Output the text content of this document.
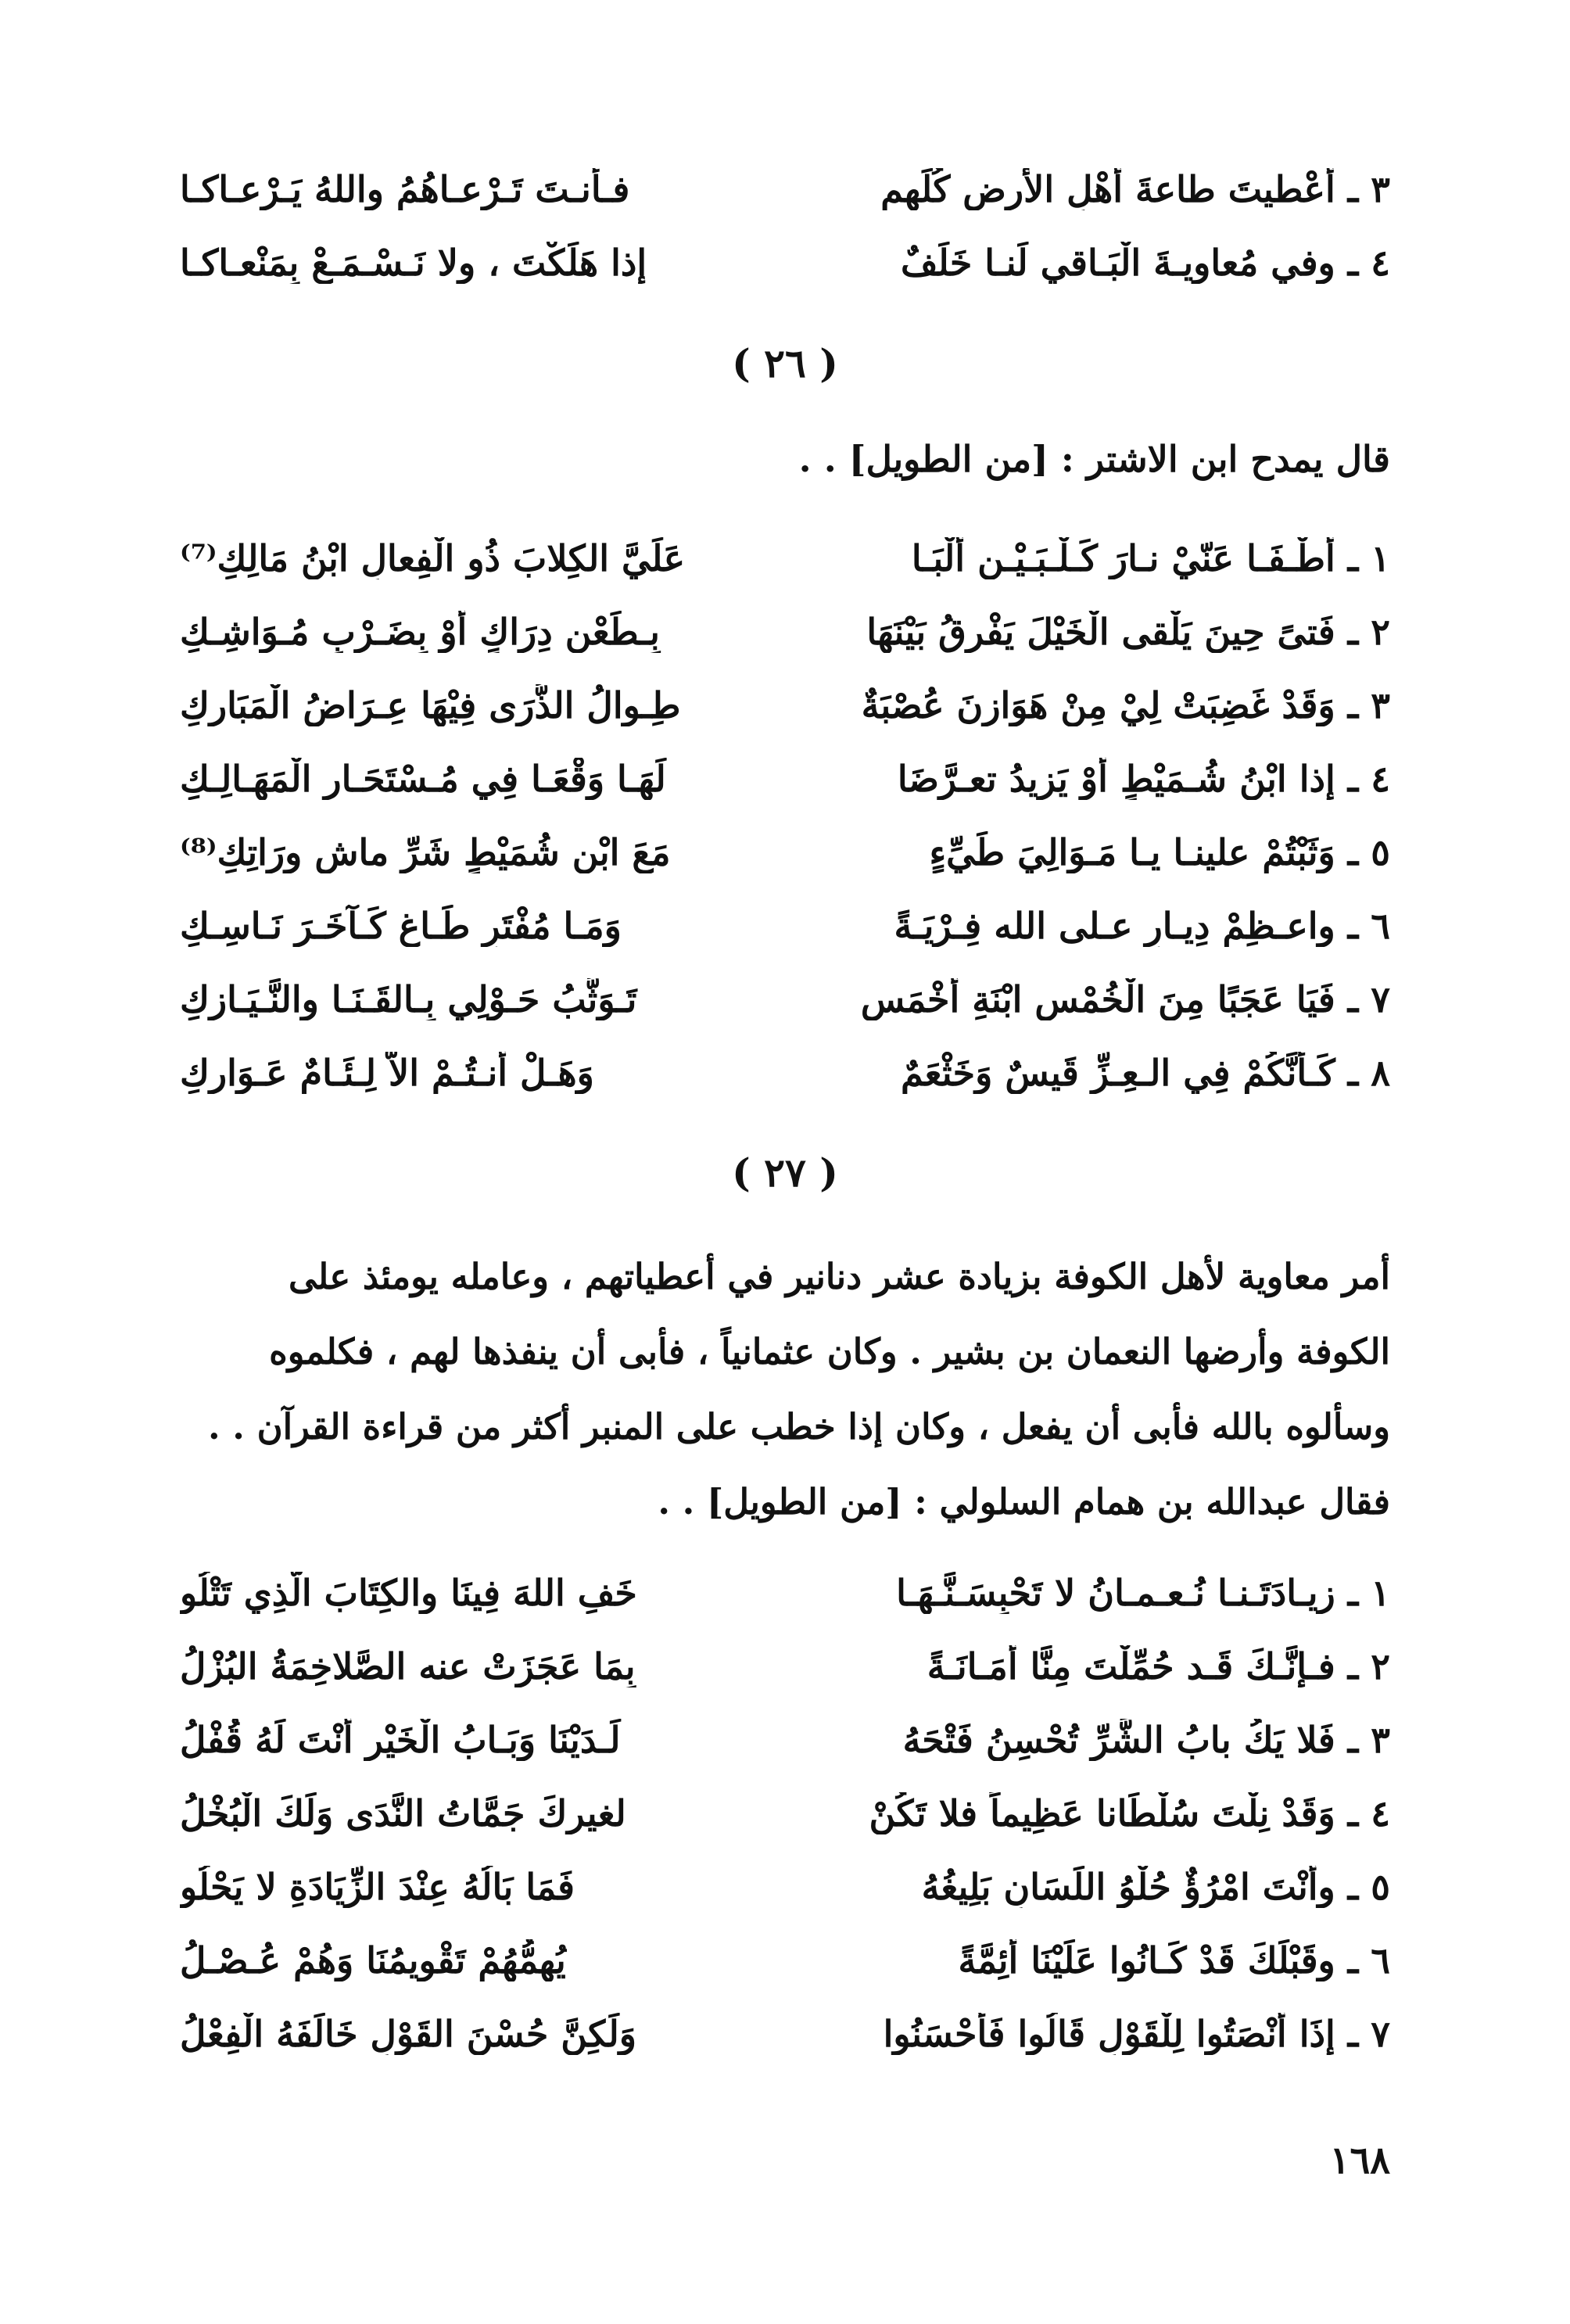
٣ ـ أُعْطيتَ طاعةَ أَهْلِ الأرضِ كُلِّهِم
فـأنـتَ تَـرْعـاهُمُ واللهُ يَـرْعـاكـا
٤ ـ وفي مُعاويـةَ الْبَـاقي لَنـا خَلَفٌ
إذا هَلَكْتَ ، ولا نَـسْـمَـعْ بِمَنْعـاكـا
( ٢٦ )
قال يمدح ابن الاشتر : [من الطويل] . .
١ ـ أَطْـفَـا عَنّيْ نـارَ كَـلْـبَـيْـنِ أَلْبَـا
عَلَيَّ الكِلابَ ذُو الْفِعالِ ابْنُ مَالِكِ⁽⁷⁾
٢ ـ فَتىً حِينَ يَلْقى الْخَيْلَ يَفْرِقُ بَيْنَهَا
بِـطَعْنٍ دِرَاكٍ أَوْ بِضَـرْبٍ مُـوَاشِـكِ
٣ ـ وَقَدْ غَضِبَتْ لِيْ مِنْ هَوَازِنَ عُصْبَةٌ
طِـوالُ الذُّرَى فِيْهَا عِـرَاضُ الْمَبَارِكِ
٤ ـ إذا ابْنُ شُـمَيْطٍ أَوْ يَزِيدُ تعـرَّضَا
لَهَـا وَقْعَـا فِي مُـسْتَحَـارِ الْمَهَـالِـكِ
٥ ـ وَثَبْتُمْ علينـا يـا مَـوَالِيَ طَيِّءٍ
مَعَ ابْنِ شُمَيْطٍ شَرِّ ماشٍ ورَاتِكِ⁽⁸⁾
٦ ـ واعـظِمْ دِيـارٍ عـلى الله فِـرْيَـةً
وَمَـا مُفْتَرٍ طَـاغٍ كَـآخَـرَ نَـاسِـكِ
٧ ـ فَيَا عَجَبًا مِنَ الْخُمْسِ ابْنَةِ أَخْمَسٍ
تَـوَثُّبُ حَـوْلِي بِـالقَـنَـا والنَّـيَـازِكِ
٨ ـ كَـأنَّكُمْ فِي الـعِـزِّ قَيسٌ وَخَثْعَمٌ
وَهَـلْ أَنـتُـمْ الاّ لِـئَـامٌ عَـوَارِكِ
( ٢٧ )

أمر معاوية لأهل الكوفة بزيادة عشر دنانير في أعطياتهم ، وعامله يومئذ على

الكوفة وأرضها النعمان بن بشير . وكان عثمانياً ، فأبى أن ينفذها لهم ، فكلموه

وسألوه بالله فأبى أن يفعل ، وكان إذا خطب على المنبر أكثر من قراءة القرآن . .

فقال عبدالله بن همام السلولي : [من الطويل] . .

١ ـ زِيـادَتَـنـا نُـعـمـانُ لا تَحْبِسَـنَّـهَـا
خَفِ اللهَ فِينَا والكِتَابَ الَّذِي تَتْلُو
٢ ـ فـإنَّـكَ قَـد حُمِّلْتَ مِنَّا أَمَـانَـةً
بِمَا عَجَزَتْ عنه الصَّلاخِمَةُ البُزْلُ
٣ ـ فَلا يَكُ بابُ الشَّرِّ تُحْسِنُ فَتْحَهُ
لَـدَيْنَا وَبَـابُ الْخَيْرِ أَنْتَ لَهُ قُفْلُ
٤ ـ وَقَدْ نِلْتَ سُلْطَانا عَظِيماً فلا تَكُنْ
لغيرِكَ جَمَّاتُ النَّدَى وَلَكَ الْبُخْلُ
٥ ـ وأَنْتَ امْرُؤٌ حُلْوُ اللِّسَانِ بَلِيغُهُ
فَمَا بَالُهُ عِنْدَ الزِّيَادَةِ لا يَحْلُو
٦ ـ وقَبْلَكَ قَدْ كَـانُوا عَلَيْنَا أَئِمَّةً
يُهِمُّهُمْ تَقْوِيمُنَا وَهُمْ عُـصْـلُ
٧ ـ إِذَا أَنْصَتُوا لِلْقَوْلِ قَالُوا فَأَحْسَنُوا
وَلَكِنَّ حُسْنَ القَوْلِ خَالَفَهُ الْفِعْلُ
١٦٨
